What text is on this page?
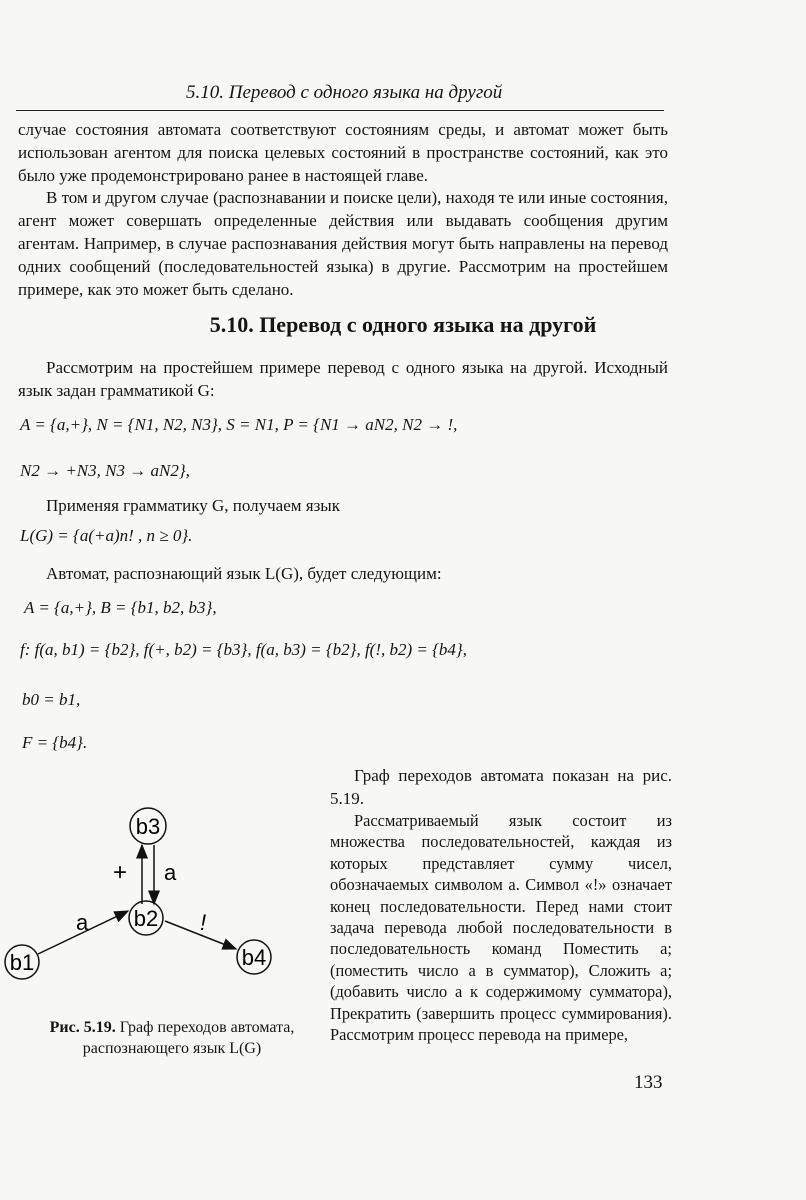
5.10. Перевод с одного языка на другой

случае состояния автомата соответствуют состояниям среды, и автомат может быть использован агентом для поиска целевых состояний в пространстве состояний, как это было уже продемонстрировано ранее в настоящей главе.

В том и другом случае (распознавании и поиске цели), находя те или иные состояния, агент может совершать определенные действия или выдавать сообщения другим агентам. Например, в случае распознавания действия могут быть направлены на перевод одних сообщений (последовательностей языка) в другие. Рассмотрим на простейшем примере, как это может быть сделано.

5.10. Перевод с одного языка на другой

Рассмотрим на простейшем примере перевод с одного языка на другой. Исходный язык задан грамматикой G:

A = {a,+}, N = {N1, N2, N3}, S = N1, P = {N1 → aN2, N2 → !,
N2 → +N3, N3 → aN2},

Применяя грамматику G, получаем язык

L(G) = {a(+a)n! , n ≥ 0}.

Автомат, распознающий язык L(G), будет следующим:

A = {a,+}, B = {b1, b2, b3},
f: f(a, b1) = {b2}, f(+, b2) = {b3}, f(a, b3) = {b2}, f(!, b2) = {b4},
b0 = b1,
F = {b4}.
b3
b2
b1	b4
a
+ a
!
Рис. 5.19. Граф переходов автомата, распознающего язык L(G)

Граф переходов автомата показан на рис. 5.19.

Рассматриваемый язык состоит из множества последовательностей, каждая из которых представляет сумму чисел, обозначаемых символом a. Символ «!» означает конец последовательности. Перед нами стоит задача перевода любой последовательности в последовательность команд Поместить a; (поместить число a в сумматор), Сложить a; (добавить число a к содержимому сумматора), Прекратить (завершить процесс суммирования). Рассмотрим процесс перевода на примере,

133
